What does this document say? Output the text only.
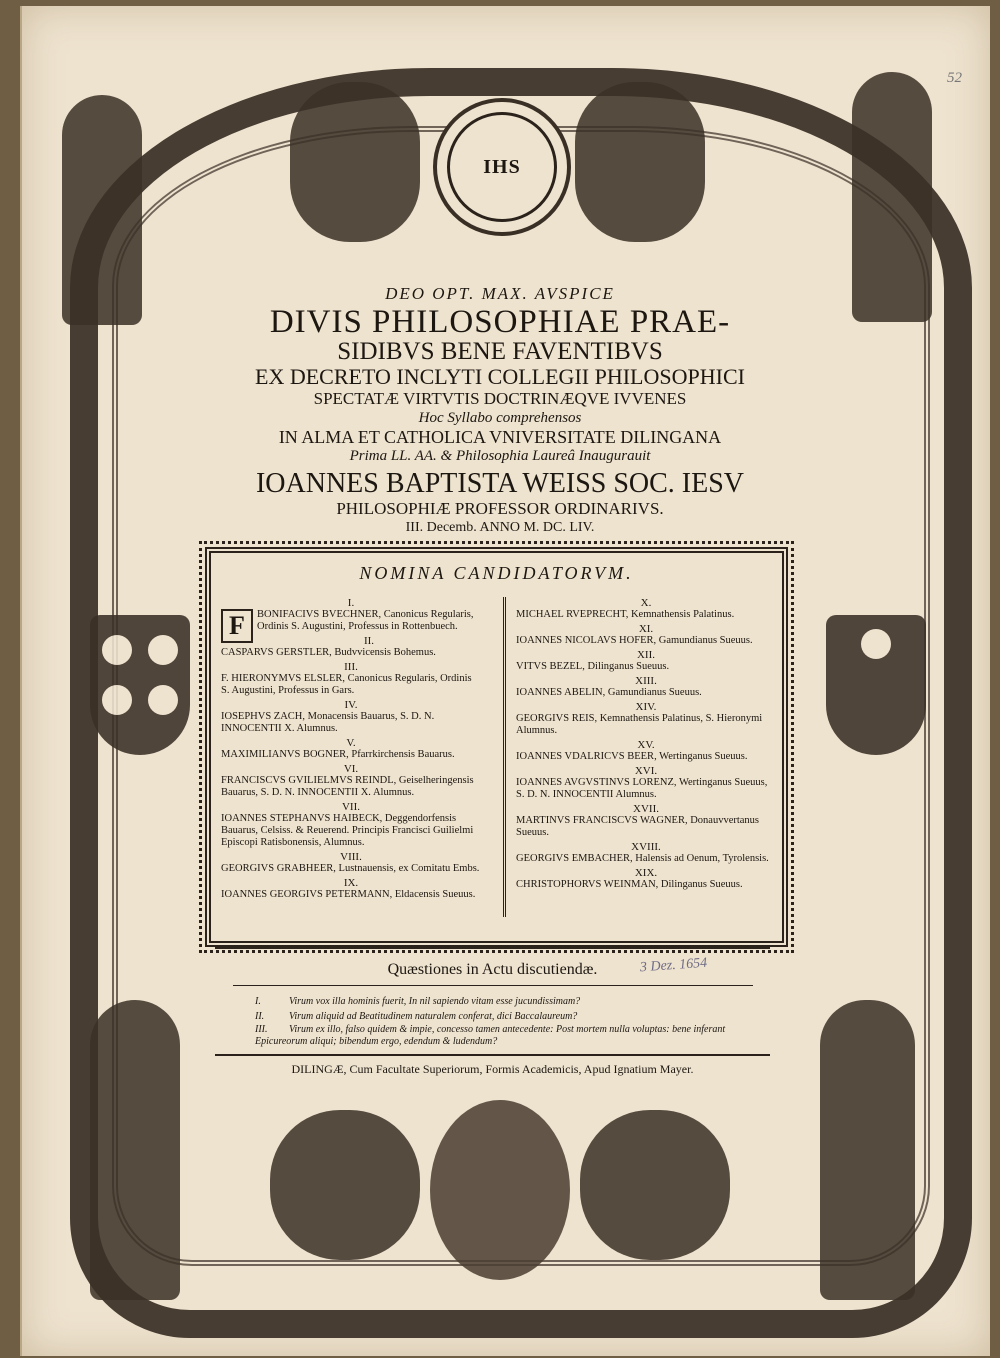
52
IHS
DEO OPT. MAX. AVSPICE
DIVIS PHILOSOPHIAE PRAE-
SIDIBVS BENE FAVENTIBVS
EX DECRETO INCLYTI COLLEGII PHILOSOPHICI
SPECTATÆ VIRTVTIS DOCTRINÆQVE IVVENES
Hoc Syllabo comprehensos
IN ALMA ET CATHOLICA VNIVERSITATE DILINGANA
Prima LL. AA. & Philosophia Laureâ Inaugurauit
IOANNES BAPTISTA WEISS SOC. IESV
PHILOSOPHIÆ PROFESSOR ORDINARIVS.
III. Decemb. ANNO M. DC. LIV.
NOMINA CANDIDATORVM.
I.
F	BONIFACIVS BVECHNER, Canonicus Regularis, Ordinis S. Augustini, Professus in Rottenbuech.
II.
CASPARVS GERSTLER, Budvvicensis Bohemus.
III.
F. HIERONYMVS ELSLER, Canonicus Regularis, Ordinis S. Augustini, Professus in Gars.
IV.
IOSEPHVS ZACH, Monacensis Bauarus, S. D. N. INNOCENTII X. Alumnus.
V.
MAXIMILIANVS BOGNER, Pfarrkirchensis Bauarus.
VI.
FRANCISCVS GVILIELMVS REINDL, Geiselheringensis Bauarus, S. D. N. INNOCENTII X. Alumnus.
VII.
IOANNES STEPHANVS HAIBECK, Deggendorfensis Bauarus, Celsiss. & Reuerend. Principis Francisci Guilielmi Episcopi Ratisbonensis, Alumnus.
VIII.
GEORGIVS GRABHEER, Lustnauensis, ex Comitatu Embs.
IX.
IOANNES GEORGIVS PETERMANN, Eldacensis Sueuus.
X.
MICHAEL RVEPRECHT, Kemnathensis Palatinus.
XI.
IOANNES NICOLAVS HOFER, Gamundianus Sueuus.
XII.
VITVS BEZEL, Dilinganus Sueuus.
XIII.
IOANNES ABELIN, Gamundianus Sueuus.
XIV.
GEORGIVS REIS, Kemnathensis Palatinus, S. Hieronymi Alumnus.
XV.
IOANNES VDALRICVS BEER, Wertinganus Sueuus.
XVI.
IOANNES AVGVSTINVS LORENZ, Wertinganus Sueuus, S. D. N. INNOCENTII Alumnus.
XVII.
MARTINVS FRANCISCVS WAGNER, Donauvvertanus Sueuus.
XVIII.
GEORGIVS EMBACHER, Halensis ad Oenum, Tyrolensis.
XIX.
CHRISTOPHORVS WEINMAN, Dilinganus Sueuus.
Quæstiones in Actu discutiendæ.
I.	Virum vox illa hominis fuerit, In nil sapiendo vitam esse jucundissimam?
II. Virum aliquid ad Beatitudinem naturalem conferat, dici Baccalaureum?
III. Virum ex illo, falso quidem & impie, concesso tamen antecedente: Post mortem nulla voluptas: bene inferant Epicureorum aliqui; bibendum ergo, edendum & ludendum?
DILINGÆ, Cum Facultate Superiorum, Formis Academicis, Apud Ignatium Mayer.
3 Dez. 1654
